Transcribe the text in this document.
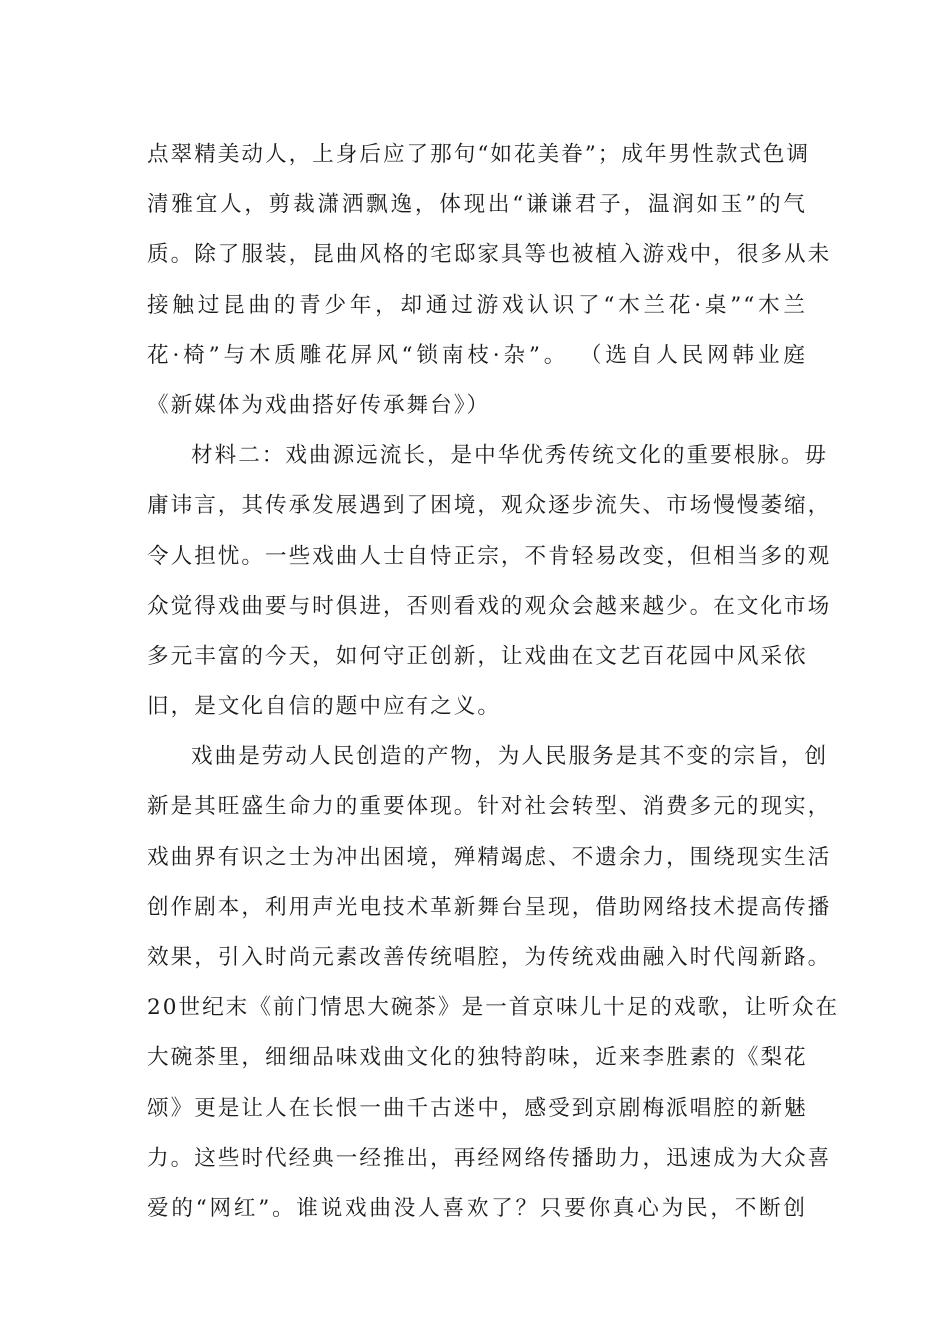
点翠精美动人，上身后应了那句“如花美眷”；成年男性款式色调
清雅宜人，剪裁潇洒飘逸，体现出“谦谦君子，温润如玉”的气
质。除了服装，昆曲风格的宅邸家具等也被植入游戏中，很多从未
接触过昆曲的青少年，却通过游戏认识了“木兰花·桌”“木兰
花·椅”与木质雕花屏风“锁南枝·杂”。 （选自人民网韩业庭
《新媒体为戏曲搭好传承舞台》）
材料二：戏曲源远流长，是中华优秀传统文化的重要根脉。毋
庸讳言，其传承发展遇到了困境，观众逐步流失、市场慢慢萎缩，
令人担忧。一些戏曲人士自恃正宗，不肯轻易改变，但相当多的观
众觉得戏曲要与时俱进，否则看戏的观众会越来越少。在文化市场
多元丰富的今天，如何守正创新，让戏曲在文艺百花园中风采依
旧，是文化自信的题中应有之义。
戏曲是劳动人民创造的产物，为人民服务是其不变的宗旨，创
新是其旺盛生命力的重要体现。针对社会转型、消费多元的现实，
戏曲界有识之士为冲出困境，殚精竭虑、不遗余力，围绕现实生活
创作剧本，利用声光电技术革新舞台呈现，借助网络技术提高传播
效果，引入时尚元素改善传统唱腔，为传统戏曲融入时代闯新路。
20世纪末《前门情思大碗茶》是一首京味儿十足的戏歌，让听众在
大碗茶里，细细品味戏曲文化的独特韵味，近来李胜素的《梨花
颂》更是让人在长恨一曲千古迷中，感受到京剧梅派唱腔的新魅
力。这些时代经典一经推出，再经网络传播助力，迅速成为大众喜
爱的“网红”。谁说戏曲没人喜欢了？只要你真心为民，不断创
